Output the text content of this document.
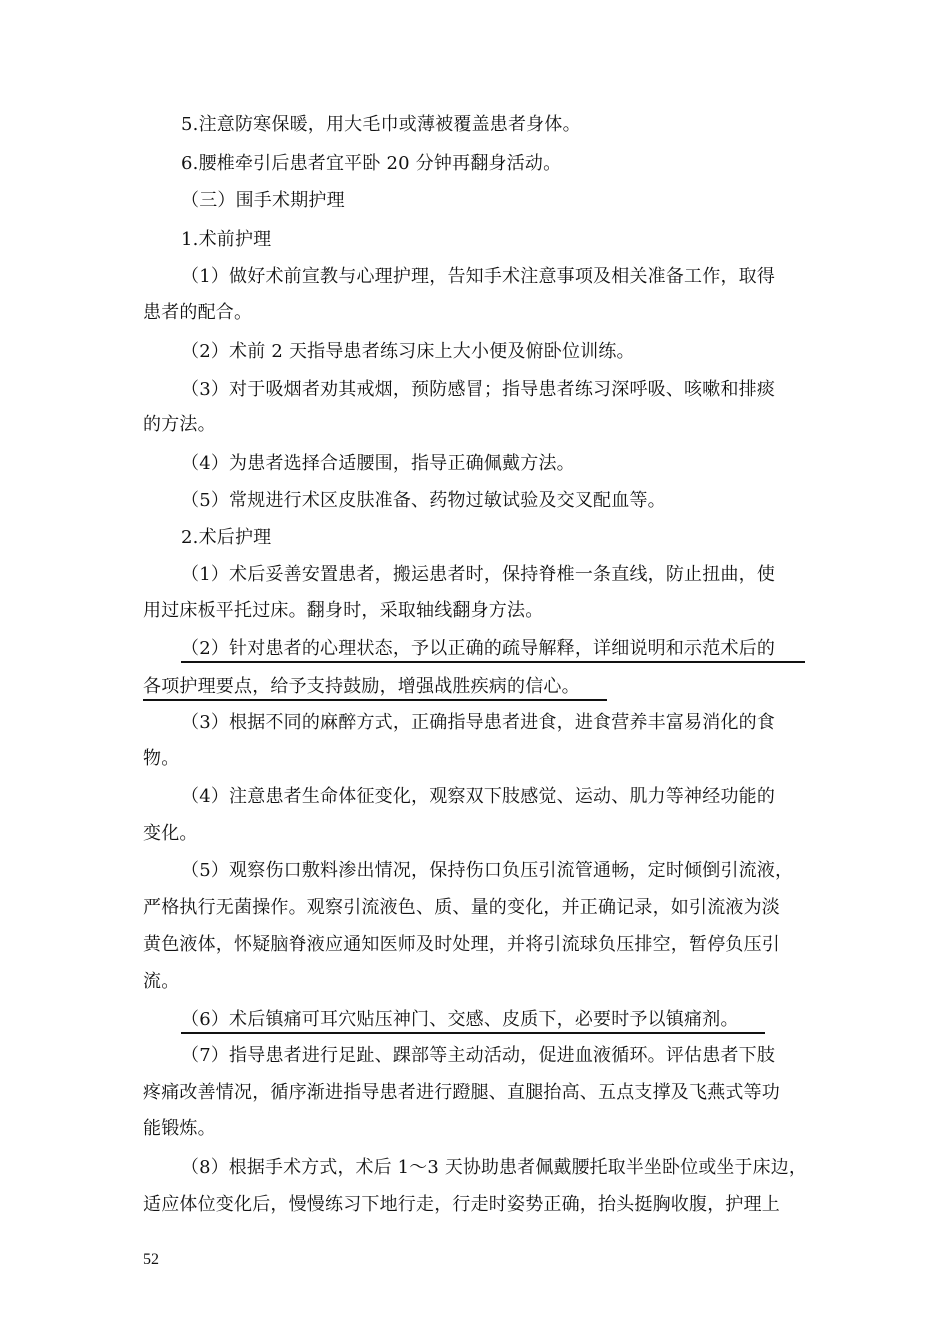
5.注意防寒保暖，用大毛巾或薄被覆盖患者身体。
6.腰椎牵引后患者宜平卧 20 分钟再翻身活动。
（三）围手术期护理
1.术前护理
（1）做好术前宣教与心理护理，告知手术注意事项及相关准备工作，取得
患者的配合。
（2）术前 2 天指导患者练习床上大小便及俯卧位训练。
（3）对于吸烟者劝其戒烟，预防感冒；指导患者练习深呼吸、咳嗽和排痰
的方法。
（4）为患者选择合适腰围，指导正确佩戴方法。
（5）常规进行术区皮肤准备、药物过敏试验及交叉配血等。
2.术后护理
（1）术后妥善安置患者，搬运患者时，保持脊椎一条直线，防止扭曲，使
用过床板平托过床。翻身时，采取轴线翻身方法。
（2）针对患者的心理状态，予以正确的疏导解释，详细说明和示范术后的
各项护理要点，给予支持鼓励，增强战胜疾病的信心。
（3）根据不同的麻醉方式，正确指导患者进食，进食营养丰富易消化的食
物。
（4）注意患者生命体征变化，观察双下肢感觉、运动、肌力等神经功能的
变化。
（5）观察伤口敷料渗出情况，保持伤口负压引流管通畅，定时倾倒引流液，
严格执行无菌操作。观察引流液色、质、量的变化，并正确记录，如引流液为淡
黄色液体，怀疑脑脊液应通知医师及时处理，并将引流球负压排空，暂停负压引
流。
（6）术后镇痛可耳穴贴压神门、交感、皮质下，必要时予以镇痛剂。
（7）指导患者进行足趾、踝部等主动活动，促进血液循环。评估患者下肢
疼痛改善情况，循序渐进指导患者进行蹬腿、直腿抬高、五点支撑及飞燕式等功
能锻炼。
（8）根据手术方式，术后 1～3 天协助患者佩戴腰托取半坐卧位或坐于床边，
适应体位变化后，慢慢练习下地行走，行走时姿势正确，抬头挺胸收腹，护理上
52
